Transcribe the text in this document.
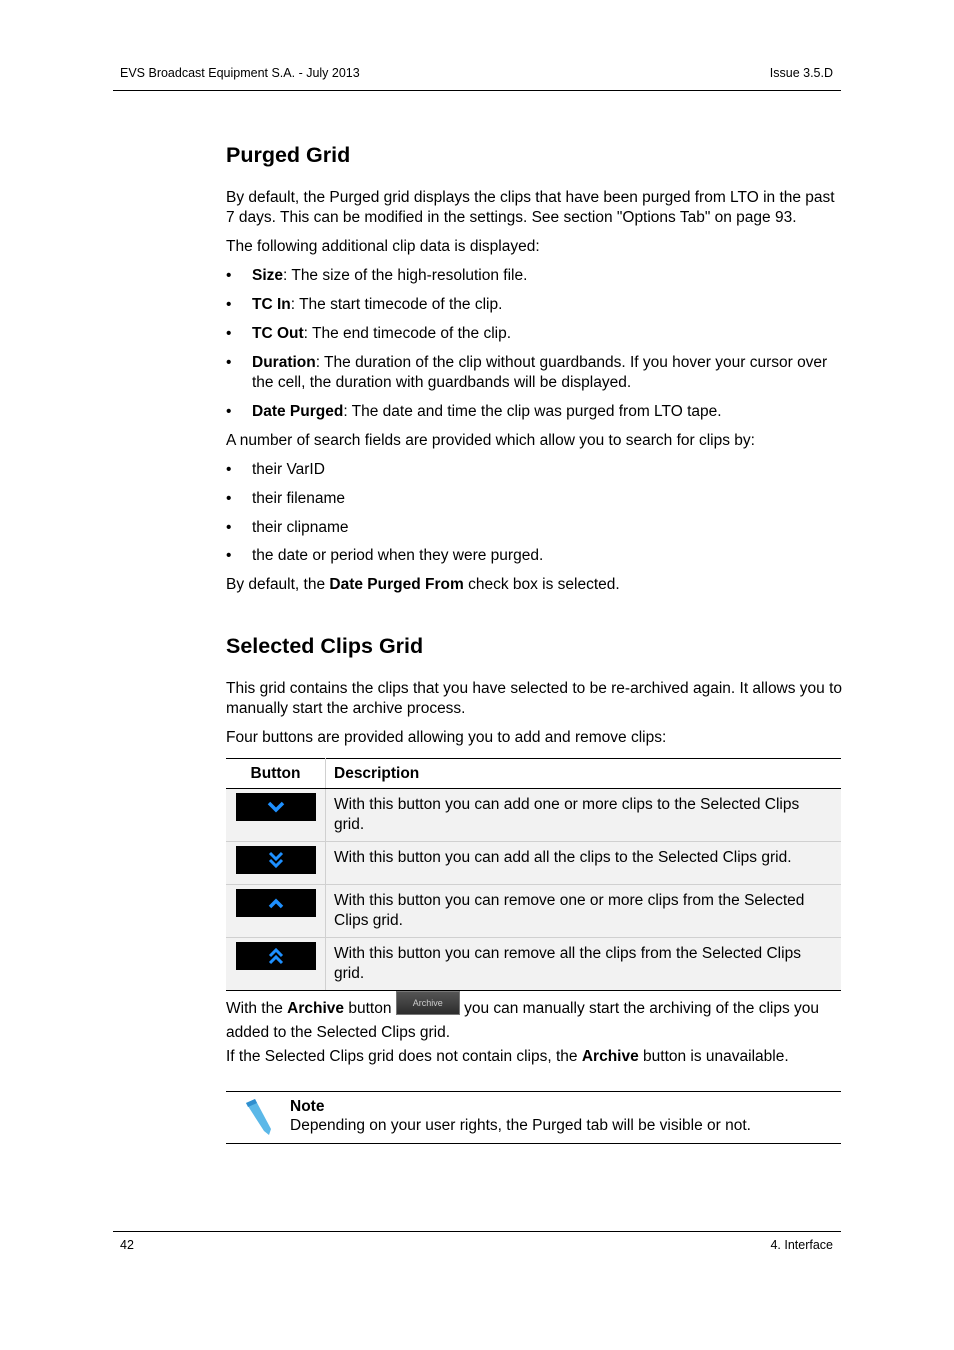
EVS Broadcast Equipment S.A. - July 2013	Issue 3.5.D
Purged Grid

By default, the Purged grid displays the clips that have been purged from LTO in the past 7 days. This can be modified in the settings. See section "Options Tab" on page 93.

The following additional clip data is displayed:

• Size: The size of the high-resolution file.
• TC In: The start timecode of the clip.
• TC Out: The end timecode of the clip.
• Duration: The duration of the clip without guardbands. If you hover your cursor over the cell, the duration with guardbands will be displayed.
• Date Purged: The date and time the clip was purged from LTO tape.

A number of search fields are provided which allow you to search for clips by:

• their VarID
• their filename
• their clipname
• the date or period when they were purged.

By default, the Date Purged From check box is selected.

Selected Clips Grid

This grid contains the clips that you have selected to be re-archived again. It allows you to manually start the archive process.

Four buttons are provided allowing you to add and remove clips:

Button	Description

	With this button you can add one or more clips to the Selected Clips grid.

	With this button you can add all the clips to the Selected Clips grid.

	With this button you can remove one or more clips from the Selected Clips grid.

	With this button you can remove all the clips from the Selected Clips grid.

With the Archive button Archive you can manually start the archiving of the clips you added to the Selected Clips grid.

If the Selected Clips grid does not contain clips, the Archive button is unavailable.

Note
Depending on your user rights, the Purged tab will be visible or not.
42	4. Interface
